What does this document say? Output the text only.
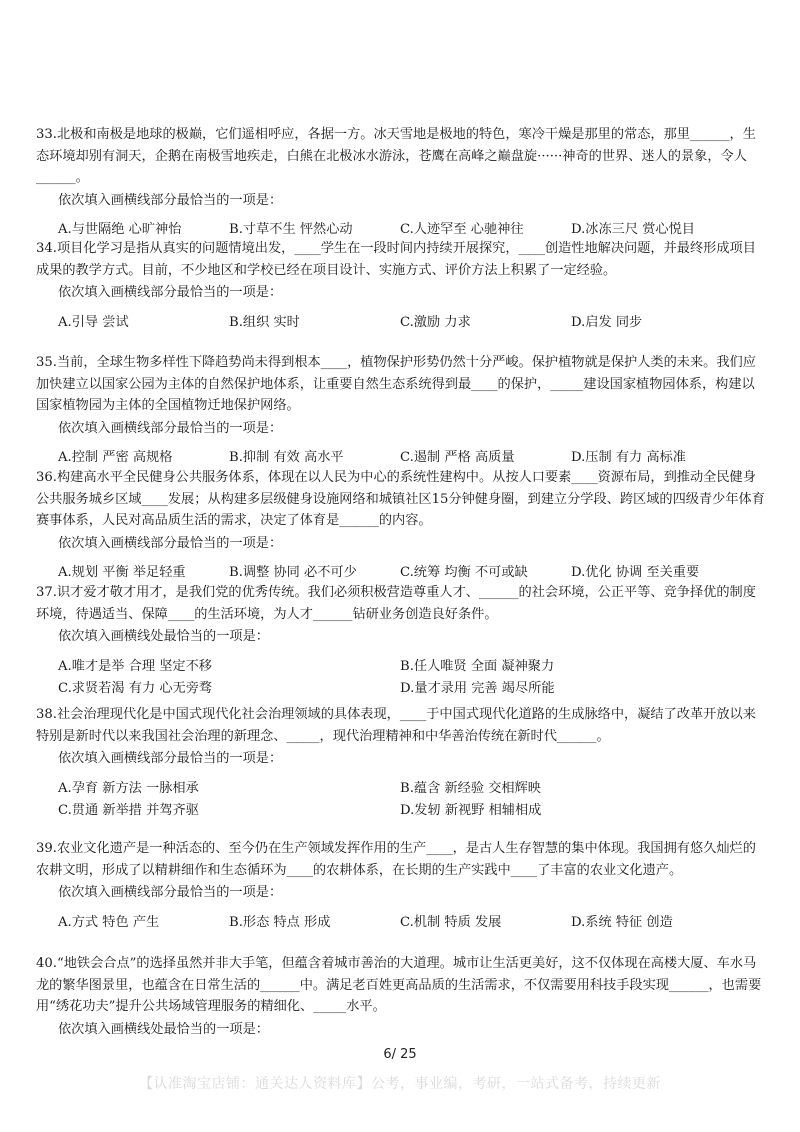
33.北极和南极是地球的极巅，它们遥相呼应，各据一方。冰天雪地是极地的特色，寒冷干燥是那里的常态，那里______，生态环境却别有洞天，企鹅在南极雪地疾走，白熊在北极冰水游泳，苍鹰在高峰之巅盘旋······神奇的世界、迷人的景象，令人______。

依次填入画横线部分最恰当的一项是：

A.与世隔绝 心旷神怡	B.寸草不生 怦然心动	C.人迹罕至 心驰神往	D.冰冻三尺 赏心悦目

34.项目化学习是指从真实的问题情境出发，____学生在一段时间内持续开展探究，____创造性地解决问题，并最终形成项目成果的教学方式。目前，不少地区和学校已经在项目设计、实施方式、评价方法上积累了一定经验。

依次填入画横线部分最恰当的一项是：

A.引导 尝试	B.组织 实时	C.激励 力求	D.启发 同步

35.当前，全球生物多样性下降趋势尚未得到根本____，植物保护形势仍然十分严峻。保护植物就是保护人类的未来。我们应加快建立以国家公园为主体的自然保护地体系，让重要自然生态系统得到最____的保护，_____建设国家植物园体系，构建以国家植物园为主体的全国植物迁地保护网络。

依次填入画横线部分最恰当的一项是：

A.控制 严密 高规格	B.抑制 有效 高水平	C.遏制 严格 高质量	D.压制 有力 高标准

36.构建高水平全民健身公共服务体系，体现在以人民为中心的系统性建构中。从按人口要素____资源布局，到推动全民健身公共服务城乡区域____发展；从构建多层级健身设施网络和城镇社区15分钟健身圈，到建立分学段、跨区域的四级青少年体育赛事体系，人民对高品质生活的需求，决定了体育是______的内容。

依次填入画横线部分最恰当的一项是：

A.规划 平衡 举足轻重	B.调整 协同 必不可少	C.统筹 均衡 不可或缺	D.优化 协调 至关重要

37.识才爱才敬才用才，是我们党的优秀传统。我们必须积极营造尊重人才、______的社会环境，公正平等、竞争择优的制度环境，待遇适当、保障____的生活环境，为人才______钻研业务创造良好条件。

依次填入画横线处最恰当的一项是：

A.唯才是举 合理 坚定不移	B.任人唯贤 全面 凝神聚力
C.求贤若渴 有力 心无旁骛	D.量才录用 完善 竭尽所能

38.社会治理现代化是中国式现代化社会治理领域的具体表现，____于中国式现代化道路的生成脉络中，凝结了改革开放以来特别是新时代以来我国社会治理的新理念、_____，现代治理精神和中华善治传统在新时代______。

依次填入画横线部分最恰当的一项是：

A.孕育 新方法 一脉相承	B.蕴含 新经验 交相辉映
C.贯通 新举措 并驾齐驱	D.发轫 新视野 相辅相成

39.农业文化遗产是一种活态的、至今仍在生产领域发挥作用的生产____，是古人生存智慧的集中体现。我国拥有悠久灿烂的农耕文明，形成了以精耕细作和生态循环为____的农耕体系，在长期的生产实践中____了丰富的农业文化遗产。

依次填入画横线部分最恰当的一项是：

A.方式 特色 产生	B.形态 特点 形成	C.机制 特质 发展	D.系统 特征 创造

40.“地铁会合点”的选择虽然并非大手笔，但蕴含着城市善治的大道理。城市让生活更美好，这不仅体现在高楼大厦、车水马龙的繁华图景里，也蕴含在日常生活的______中。满足老百姓更高品质的生活需求，不仅需要用科技手段实现______，也需要用“绣花功夫”提升公共场域管理服务的精细化、_____水平。

依次填入画横线处最恰当的一项是：

6/ 25
【认准淘宝店铺：通关达人资料库】公考，事业编，考研，一站式备考，持续更新
